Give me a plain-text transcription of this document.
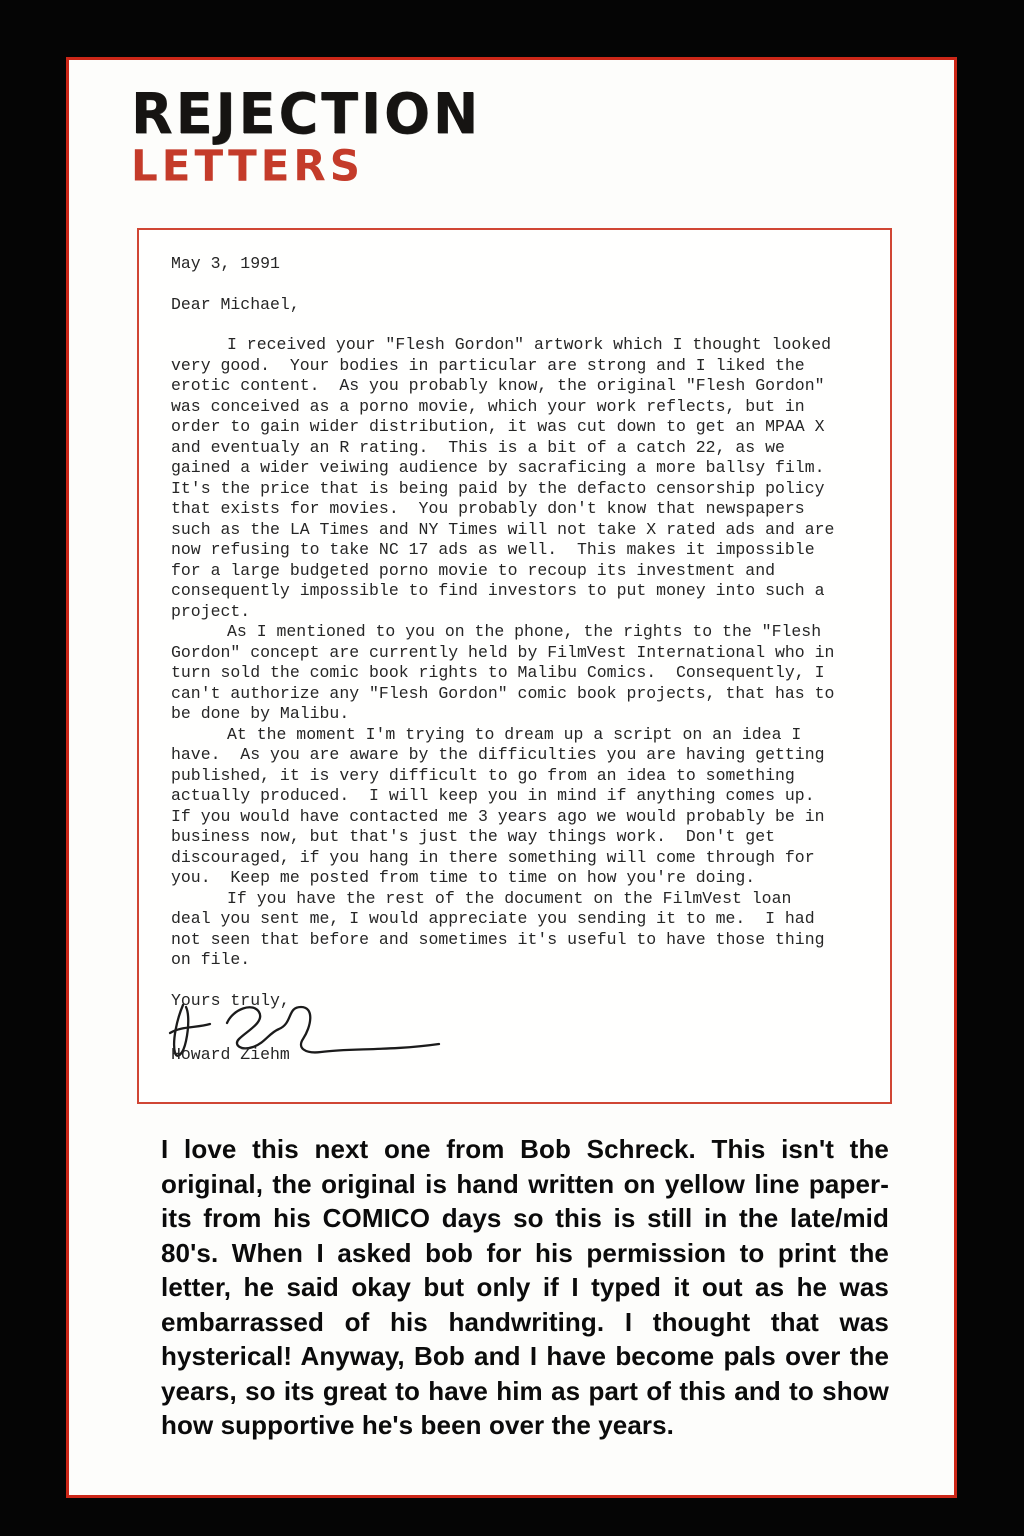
REJECTION
LETTERS

May 3, 1991

Dear Michael,

I received your "Flesh Gordon" artwork which I thought looked very good.  Your bodies in particular are strong and I liked the erotic content.  As you probably know, the original "Flesh Gordon" was conceived as a porno movie, which your work reflects, but in order to gain wider distribution, it was cut down to get an MPAA X and eventualy an R rating.  This is a bit of a catch 22, as we gained a wider veiwing audience by sacraficing a more ballsy film.  It's the price that is being paid by the defacto censorship policy that exists for movies.  You probably don't know that newspapers such as the LA Times and NY Times will not take X rated ads and are now refusing to take NC 17 ads as well.  This makes it impossible for a large budgeted porno movie to recoup its investment and consequently impossible to find investors to put money into such a project.

As I mentioned to you on the phone, the rights to the "Flesh Gordon" concept are currently held by FilmVest International who in turn sold the comic book rights to Malibu Comics.  Consequently, I can't authorize any "Flesh Gordon" comic book projects, that has to be done by Malibu.

At the moment I'm trying to dream up a script on an idea I have.  As you are aware by the difficulties you are having getting published, it is very difficult to go from an idea to something actually produced.  I will keep you in mind if anything comes up. If you would have contacted me 3 years ago we would probably be in business now, but that's just the way things work.  Don't get discouraged, if you hang in there something will come through for you.  Keep me posted from time to time on how you're doing.

If you have the rest of the document on the FilmVest loan deal you sent me, I would appreciate you sending it to me.  I had not seen that before and sometimes it's useful to have those thing on file.

Yours truly,

Howard Ziehm

I love this next one from Bob Schreck. This isn't the original, the original is hand written on yellow line paper- its from his COMICO days so this is still in the late/mid 80's. When I asked bob for his permission to print the letter, he said okay but only if I typed it out as he was embarrassed of his handwriting. I thought that was hysterical! Anyway, Bob and I have become pals over the years, so its great to have him as part of this and to show how supportive he's been over the years.
